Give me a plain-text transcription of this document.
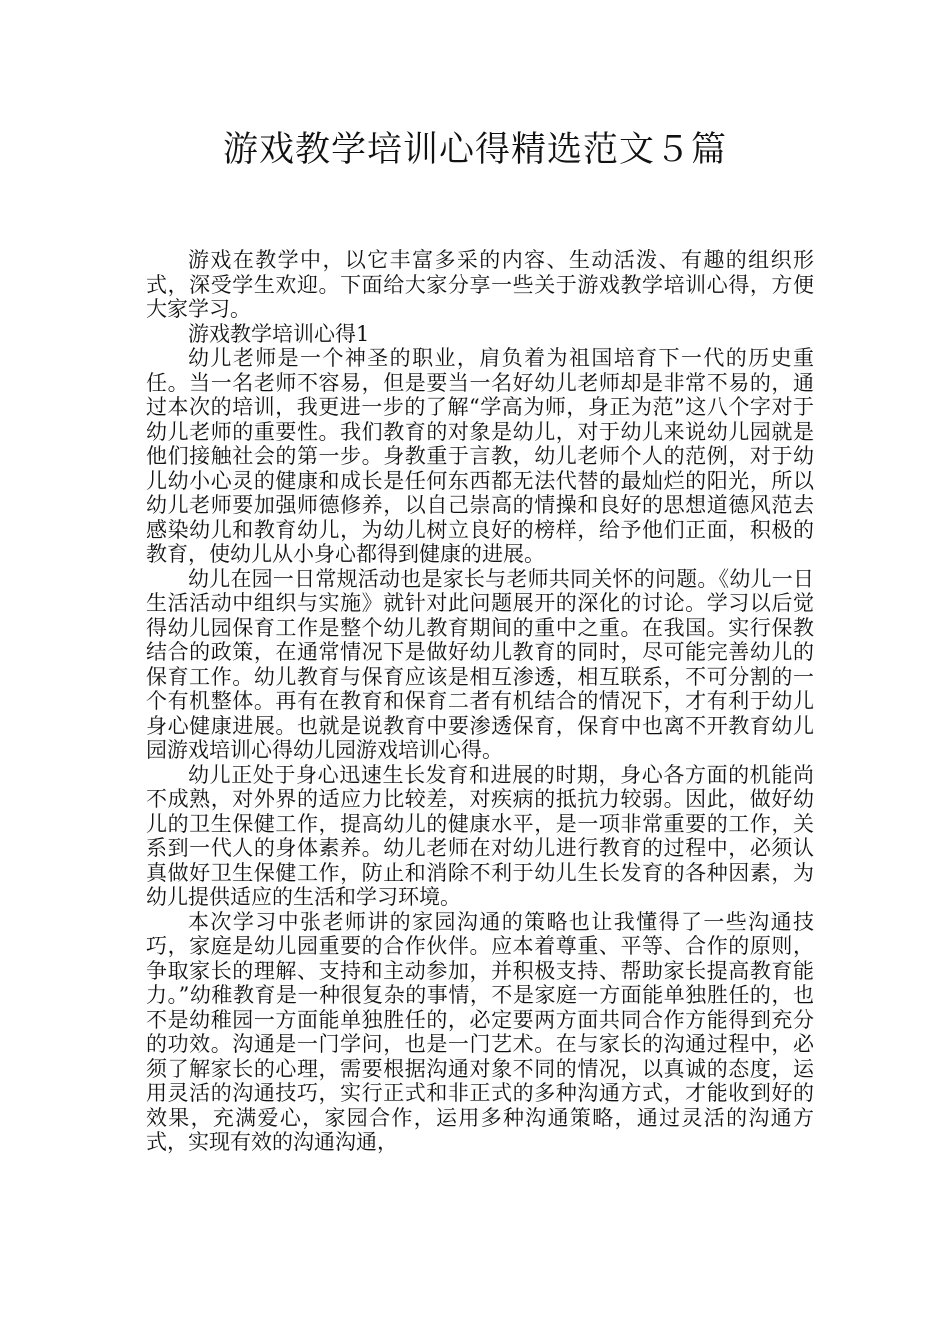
游戏教学培训心得精选范文５篇

游戏在教学中，以它丰富多采的内容、生动活泼、有趣的组织形式，深受学生欢迎。下面给大家分享一些关于游戏教学培训心得，方便大家学习。

游戏教学培训心得1

幼儿老师是一个神圣的职业，肩负着为祖国培育下一代的历史重任。当一名老师不容易，但是要当一名好幼儿老师却是非常不易的，通过本次的培训，我更进一步的了解“学高为师，身正为范”这八个字对于幼儿老师的重要性。我们教育的对象是幼儿，对于幼儿来说幼儿园就是他们接触社会的第一步。身教重于言教，幼儿老师个人的范例，对于幼儿幼小心灵的健康和成长是任何东西都无法代替的最灿烂的阳光，所以幼儿老师要加强师德修养，以自己崇高的情操和良好的思想道德风范去感染幼儿和教育幼儿，为幼儿树立良好的榜样，给予他们正面，积极的教育，使幼儿从小身心都得到健康的进展。

幼儿在园一日常规活动也是家长与老师共同关怀的问题。《幼儿一日生活活动中组织与实施》就针对此问题展开的深化的讨论。学习以后觉得幼儿园保育工作是整个幼儿教育期间的重中之重。在我国。实行保教结合的政策，在通常情况下是做好幼儿教育的同时，尽可能完善幼儿的保育工作。幼儿教育与保育应该是相互渗透，相互联系，不可分割的一个有机整体。再有在教育和保育二者有机结合的情况下，才有利于幼儿身心健康进展。也就是说教育中要渗透保育，保育中也离不开教育幼儿园游戏培训心得幼儿园游戏培训心得。

幼儿正处于身心迅速生长发育和进展的时期，身心各方面的机能尚不成熟，对外界的适应力比较差，对疾病的抵抗力较弱。因此，做好幼儿的卫生保健工作，提高幼儿的健康水平，是一项非常重要的工作，关系到一代人的身体素养。幼儿老师在对幼儿进行教育的过程中，必须认真做好卫生保健工作，防止和消除不利于幼儿生长发育的各种因素，为幼儿提供适应的生活和学习环境。

本次学习中张老师讲的家园沟通的策略也让我懂得了一些沟通技巧，家庭是幼儿园重要的合作伙伴。应本着尊重、平等、合作的原则，争取家长的理解、支持和主动参加，并积极支持、帮助家长提高教育能力。”幼稚教育是一种很复杂的事情，不是家庭一方面能单独胜任的，也不是幼稚园一方面能单独胜任的，必定要两方面共同合作方能得到充分的功效。沟通是一门学问，也是一门艺术。在与家长的沟通过程中，必须了解家长的心理，需要根据沟通对象不同的情况，以真诚的态度，运用灵活的沟通技巧，实行正式和非正式的多种沟通方式，才能收到好的效果，充满爱心，家园合作，运用多种沟通策略，通过灵活的沟通方式，实现有效的沟通沟通，
